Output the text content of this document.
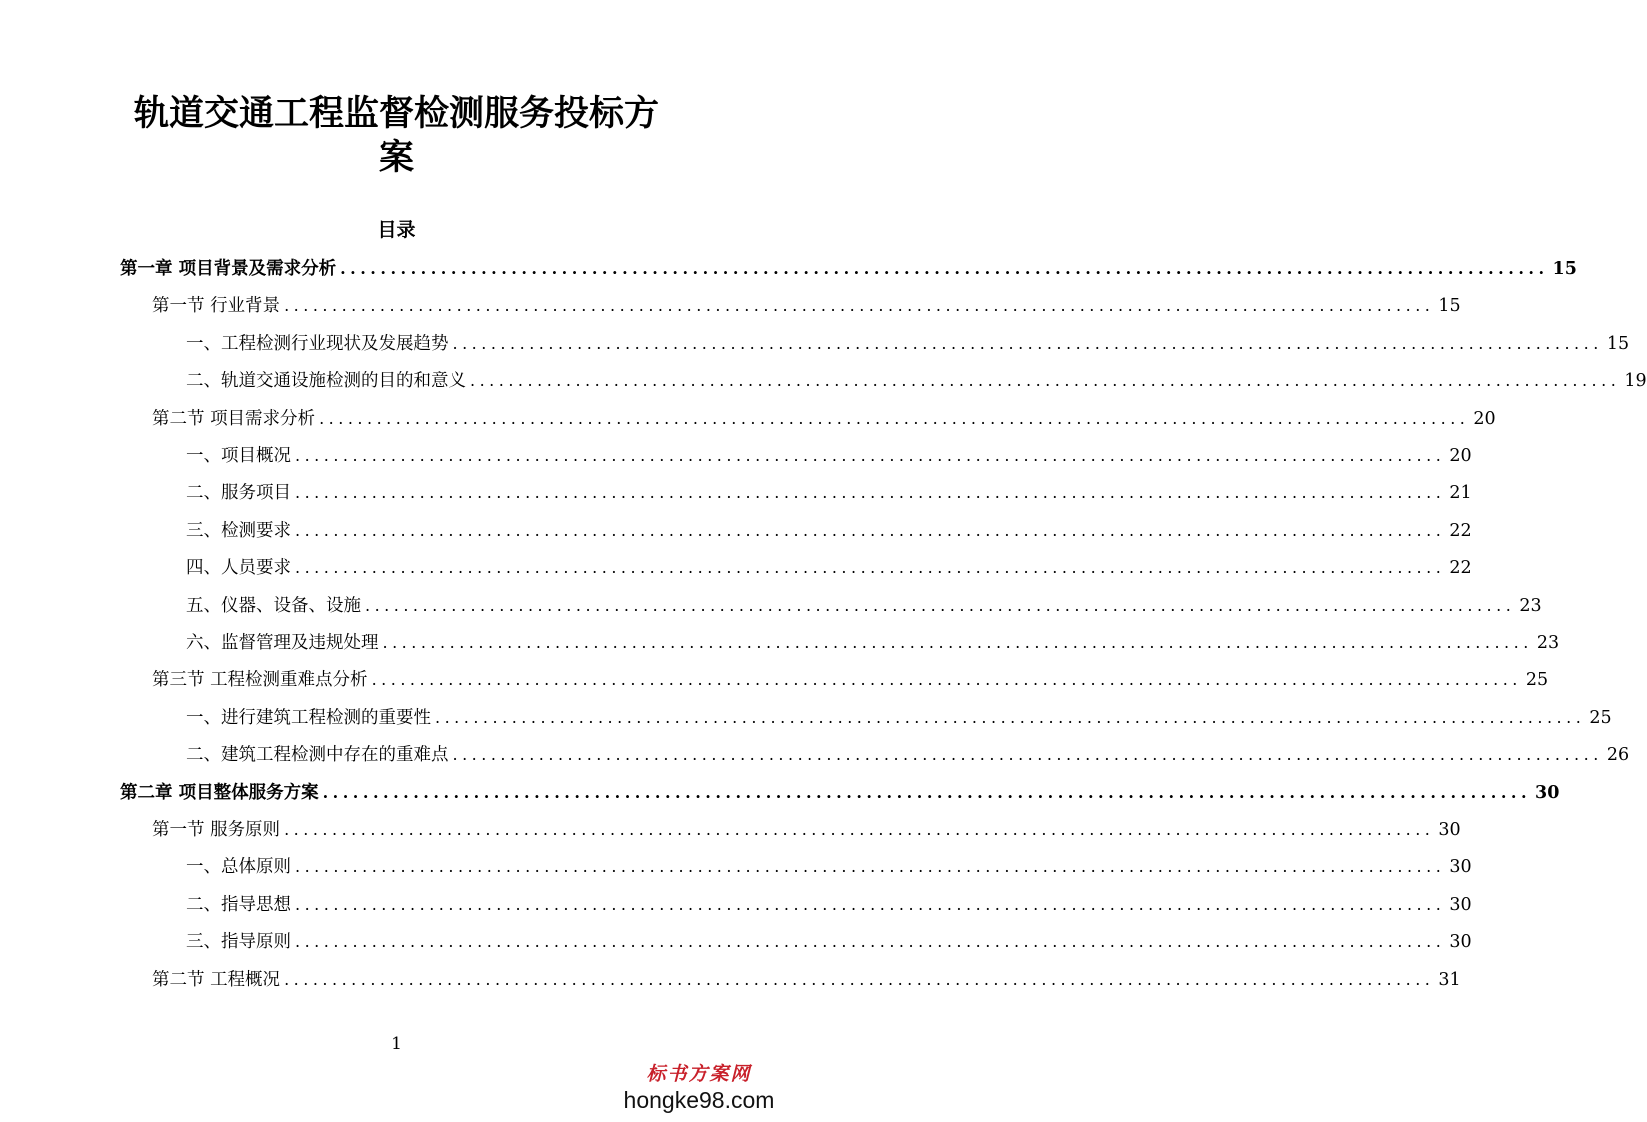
轨道交通工程监督检测服务投标方
案
目录
第一章 项目背景及需求分析 ........................................................................................................................ 15
第一节 行业背景 ........................................................................................................................ 15
一、工程检测行业现状及发展趋势 ........................................................................................................................ 15
二、轨道交通设施检测的目的和意义 ........................................................................................................................ 19
第二节 项目需求分析 ........................................................................................................................ 20
一、项目概况 ........................................................................................................................ 20
二、服务项目 ........................................................................................................................ 21
三、检测要求 ........................................................................................................................ 22
四、人员要求 ........................................................................................................................ 22
五、仪器、设备、设施 ........................................................................................................................ 23
六、监督管理及违规处理 ........................................................................................................................ 23
第三节 工程检测重难点分析 ........................................................................................................................ 25
一、进行建筑工程检测的重要性 ........................................................................................................................ 25
二、建筑工程检测中存在的重难点 ........................................................................................................................ 26
第二章 项目整体服务方案 ........................................................................................................................ 30
第一节 服务原则 ........................................................................................................................ 30
一、总体原则 ........................................................................................................................ 30
二、指导思想 ........................................................................................................................ 30
三、指导原则 ........................................................................................................................ 30
第二节 工程概况 ........................................................................................................................ 31
1
标书方案网
hongke98.com
